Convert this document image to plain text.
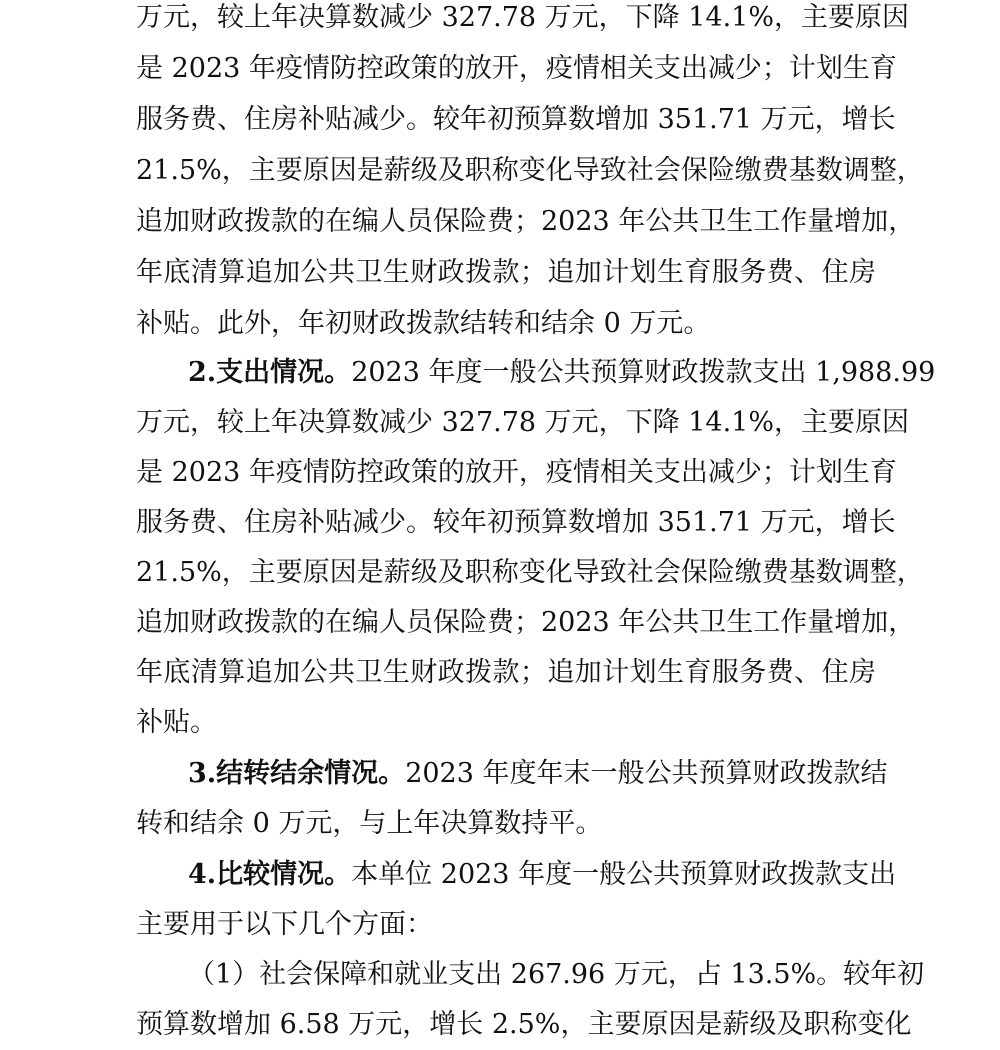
万元，较上年决算数减少 327.78 万元，下降 14.1%，主要原因
是 2023 年疫情防控政策的放开，疫情相关支出减少；计划生育
服务费、住房补贴减少。较年初预算数增加 351.71 万元，增长
21.5%，主要原因是薪级及职称变化导致社会保险缴费基数调整，
追加财政拨款的在编人员保险费；2023 年公共卫生工作量增加，
年底清算追加公共卫生财政拨款；追加计划生育服务费、住房
补贴。此外，年初财政拨款结转和结余 0 万元。
2.支出情况。2023 年度一般公共预算财政拨款支出 1,988.99
万元，较上年决算数减少 327.78 万元，下降 14.1%，主要原因
是 2023 年疫情防控政策的放开，疫情相关支出减少；计划生育
服务费、住房补贴减少。较年初预算数增加 351.71 万元，增长
21.5%，主要原因是薪级及职称变化导致社会保险缴费基数调整，
追加财政拨款的在编人员保险费；2023 年公共卫生工作量增加，
年底清算追加公共卫生财政拨款；追加计划生育服务费、住房
补贴。
3.结转结余情况。2023 年度年末一般公共预算财政拨款结
转和结余 0 万元，与上年决算数持平。
4.比较情况。本单位 2023 年度一般公共预算财政拨款支出
主要用于以下几个方面：
（1）社会保障和就业支出 267.96 万元，占 13.5%。较年初
预算数增加 6.58 万元，增长 2.5%，主要原因是薪级及职称变化
